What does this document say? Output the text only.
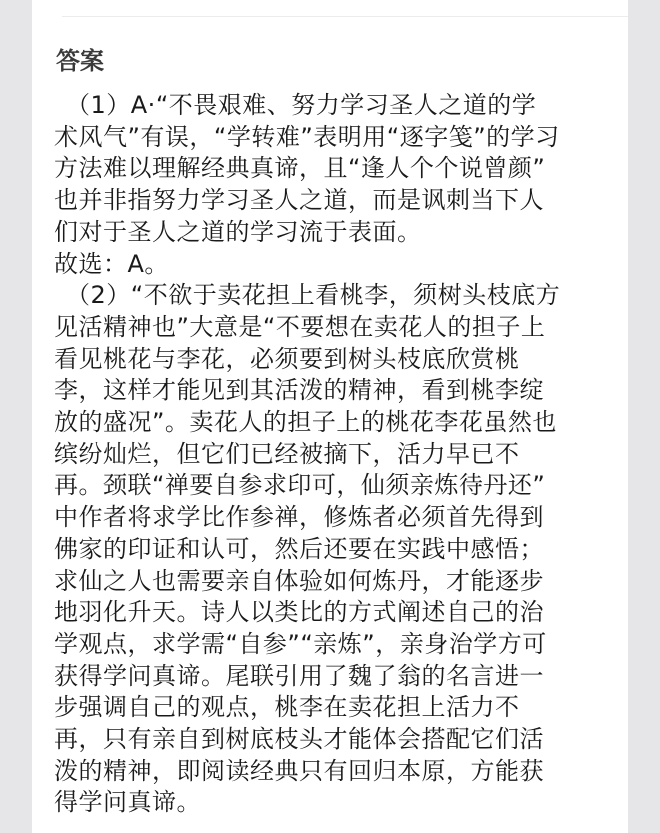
答案
（1）A·“不畏艰难、努力学习圣人之道的学
术风气”有误，“学转难”表明用“逐字笺”的学习
方法难以理解经典真谛，且“逢人个个说曾颜”
也并非指努力学习圣人之道，而是讽刺当下人
们对于圣人之道的学习流于表面。
故选：A。
（2）“不欲于卖花担上看桃李，须树头枝底方
见活精神也”大意是“不要想在卖花人的担子上
看见桃花与李花，必须要到树头枝底欣赏桃
李，这样才能见到其活泼的精神，看到桃李绽
放的盛况”。卖花人的担子上的桃花李花虽然也
缤纷灿烂，但它们已经被摘下，活力早已不
再。颈联“禅要自参求印可，仙须亲炼待丹还”
中作者将求学比作参禅，修炼者必须首先得到
佛家的印证和认可，然后还要在实践中感悟；
求仙之人也需要亲自体验如何炼丹，才能逐步
地羽化升天。诗人以类比的方式阐述自己的治
学观点，求学需“自参”“亲炼”，亲身治学方可
获得学问真谛。尾联引用了魏了翁的名言进一
步强调自己的观点，桃李在卖花担上活力不
再，只有亲自到树底枝头才能体会搭配它们活
泼的精神，即阅读经典只有回归本原，方能获
得学问真谛。
